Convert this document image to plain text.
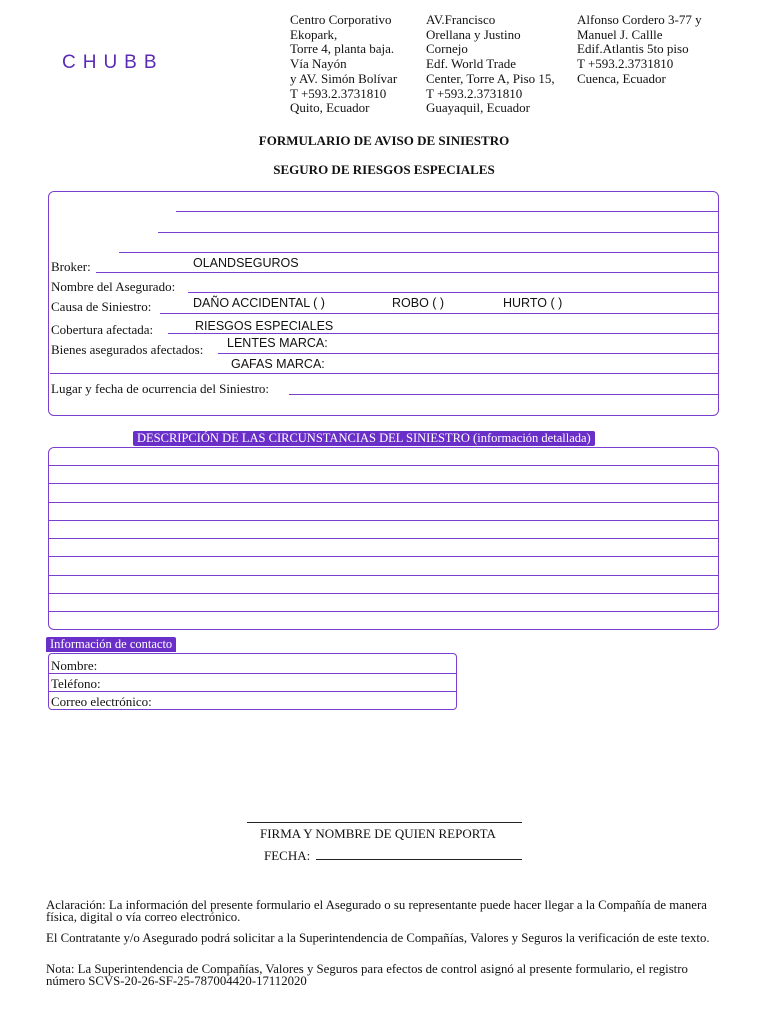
CHUBB
Centro Corporativo
Ekopark,
Torre 4, planta baja.
Vía Nayón
y AV. Simón Bolívar
T +593.2.3731810
Quito, Ecuador
AV.Francisco
Orellana y Justino
Cornejo
Edf. World Trade
Center, Torre A, Piso 15,
T +593.2.3731810
Guayaquil, Ecuador
Alfonso Cordero 3-77 y
Manuel J. Callle
Edif.Atlantis 5to piso
T +593.2.3731810
Cuenca, Ecuador
FORMULARIO DE AVISO DE SINIESTRO
SEGURO DE RIESGOS ESPECIALES
Broker:	OLANDSEGUROS
Nombre del Asegurado:
Causa de Siniestro:	DAÑO ACCIDENTAL ( )	ROBO ( )	HURTO ( )
Cobertura afectada:	RIESGOS ESPECIALES
Bienes asegurados afectados: LENTES MARCA:
GAFAS MARCA:
Lugar y fecha de ocurrencia del Siniestro:
DESCRIPCIÓN DE LAS CIRCUNSTANCIAS DEL SINIESTRO (información detallada)
Información de contacto
Nombre:
Teléfono:
Correo electrónico:
FIRMA Y NOMBRE DE QUIEN REPORTA
FECHA:
Aclaración: La información del presente formulario el Asegurado o su representante puede hacer llegar a la Compañía de manera física, digital o vía correo electrónico.
El Contratante y/o Asegurado podrá solicitar a la Superintendencia de Compañías, Valores y Seguros la verificación de este texto.
Nota: La Superintendencia de Compañías, Valores y Seguros para efectos de control asignó al presente formulario, el registro número SCVS-20-26-SF-25-787004420-17112020
